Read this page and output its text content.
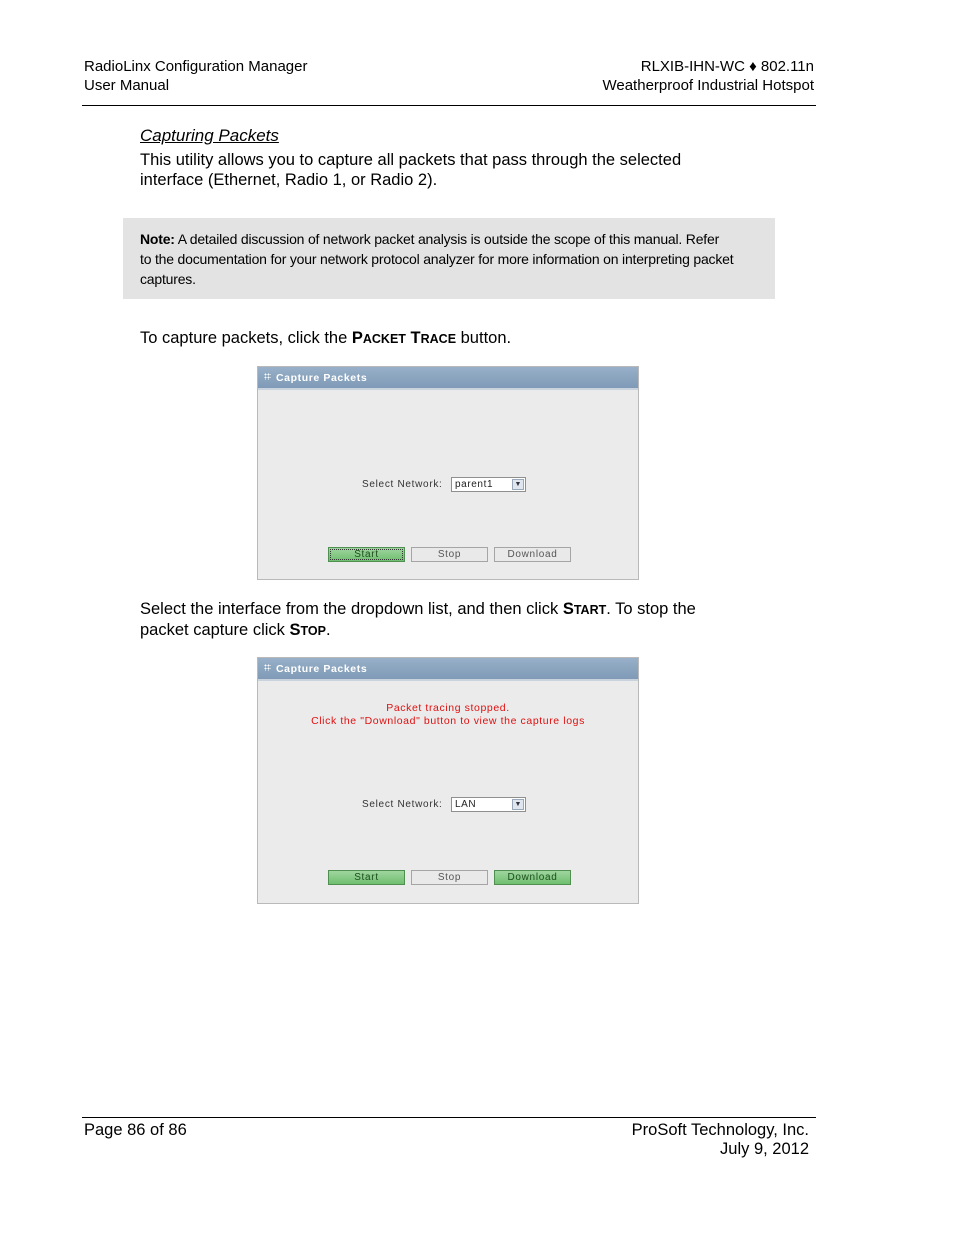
RadioLinx Configuration Manager
User Manual
RLXIB-IHN-WC ♦ 802.11n
Weatherproof Industrial Hotspot
Capturing Packets
This utility allows you to capture all packets that pass through the selected
interface (Ethernet, Radio 1, or Radio 2).
Note: A detailed discussion of network packet analysis is outside the scope of this manual. Refer
to the documentation for your network protocol analyzer for more information on interpreting packet
captures.
To capture packets, click the PACKET TRACE button.
Capture Packets
Select Network: parent1	▼
Start	Stop	Download
Select the interface from the dropdown list, and then click START. To stop the
packet capture click STOP.
Capture Packets
Packet tracing stopped.
Click the "Download" button to view the capture logs
Select Network: LAN	▼
Start	Stop	Download
Page 86 of 86	ProSoft Technology, Inc.
July 9, 2012
